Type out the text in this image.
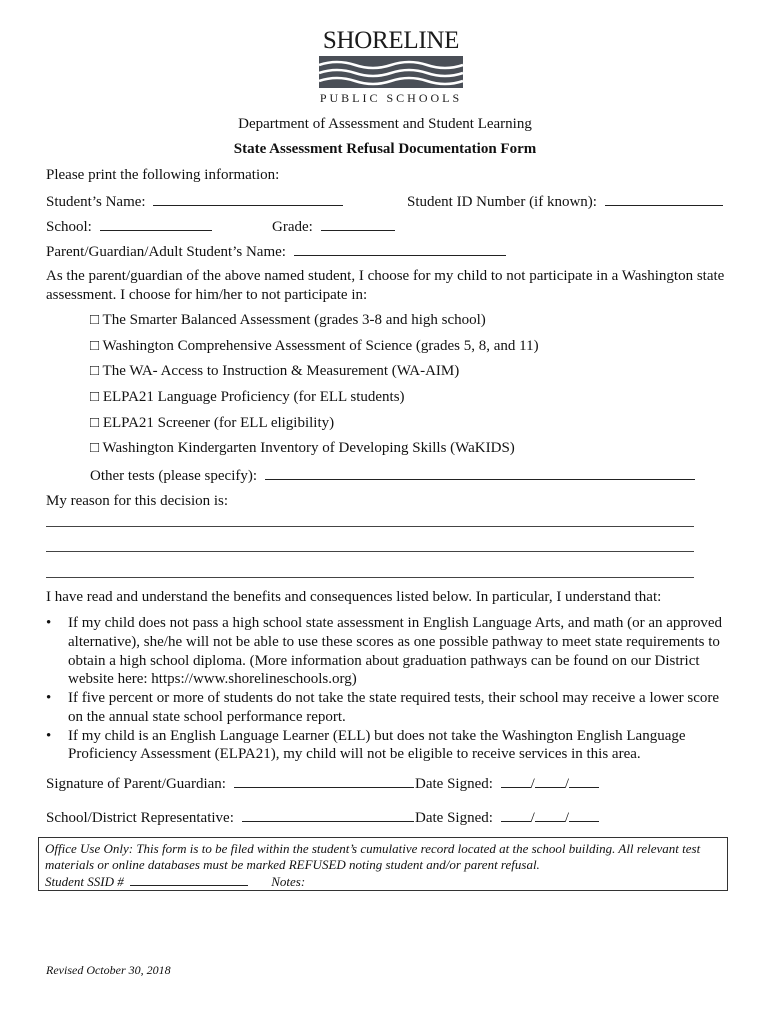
SHORELINE
PUBLIC SCHOOLS
Department of Assessment and Student Learning
State Assessment Refusal Documentation Form
Please print the following information:
Student’s Name:	Student ID Number (if known):
School:	Grade:
Parent/Guardian/Adult Student’s Name:
As the parent/guardian of the above named student, I choose for my child to not participate in a Washington state assessment. I choose for him/her to not participate in:
□ The Smarter Balanced Assessment (grades 3-8 and high school)
□ Washington Comprehensive Assessment of Science (grades 5, 8, and 11)
□ The WA- Access to Instruction & Measurement (WA-AIM)
□ ELPA21 Language Proficiency (for ELL students)
□ ELPA21 Screener (for ELL eligibility)
□ Washington Kindergarten Inventory of Developing Skills (WaKIDS)
Other tests (please specify):
My reason for this decision is:
I have read and understand the benefits and consequences listed below. In particular, I understand that:
• If my child does not pass a high school state assessment in English Language Arts, and math (or an approved alternative), she/he will not be able to use these scores as one possible pathway to meet state requirements to obtain a high school diploma. (More information about graduation pathways can be found on our District website here: https://www.shorelineschools.org)
• If five percent or more of students do not take the state required tests, their school may receive a lower score on the annual state school performance report.
• If my child is an English Language Learner (ELL) but does not take the Washington English Language Proficiency Assessment (ELPA21), my child will not be eligible to receive services in this area.
Signature of Parent/Guardian:	Date Signed:	/ /
School/District Representative:	Date Signed:	/ /
Office Use Only: This form is to be filed within the student’s cumulative record located at the school building. All relevant test materials or online databases must be marked REFUSED noting student and/or parent refusal.
Student SSID #	Notes:
Revised October 30, 2018
